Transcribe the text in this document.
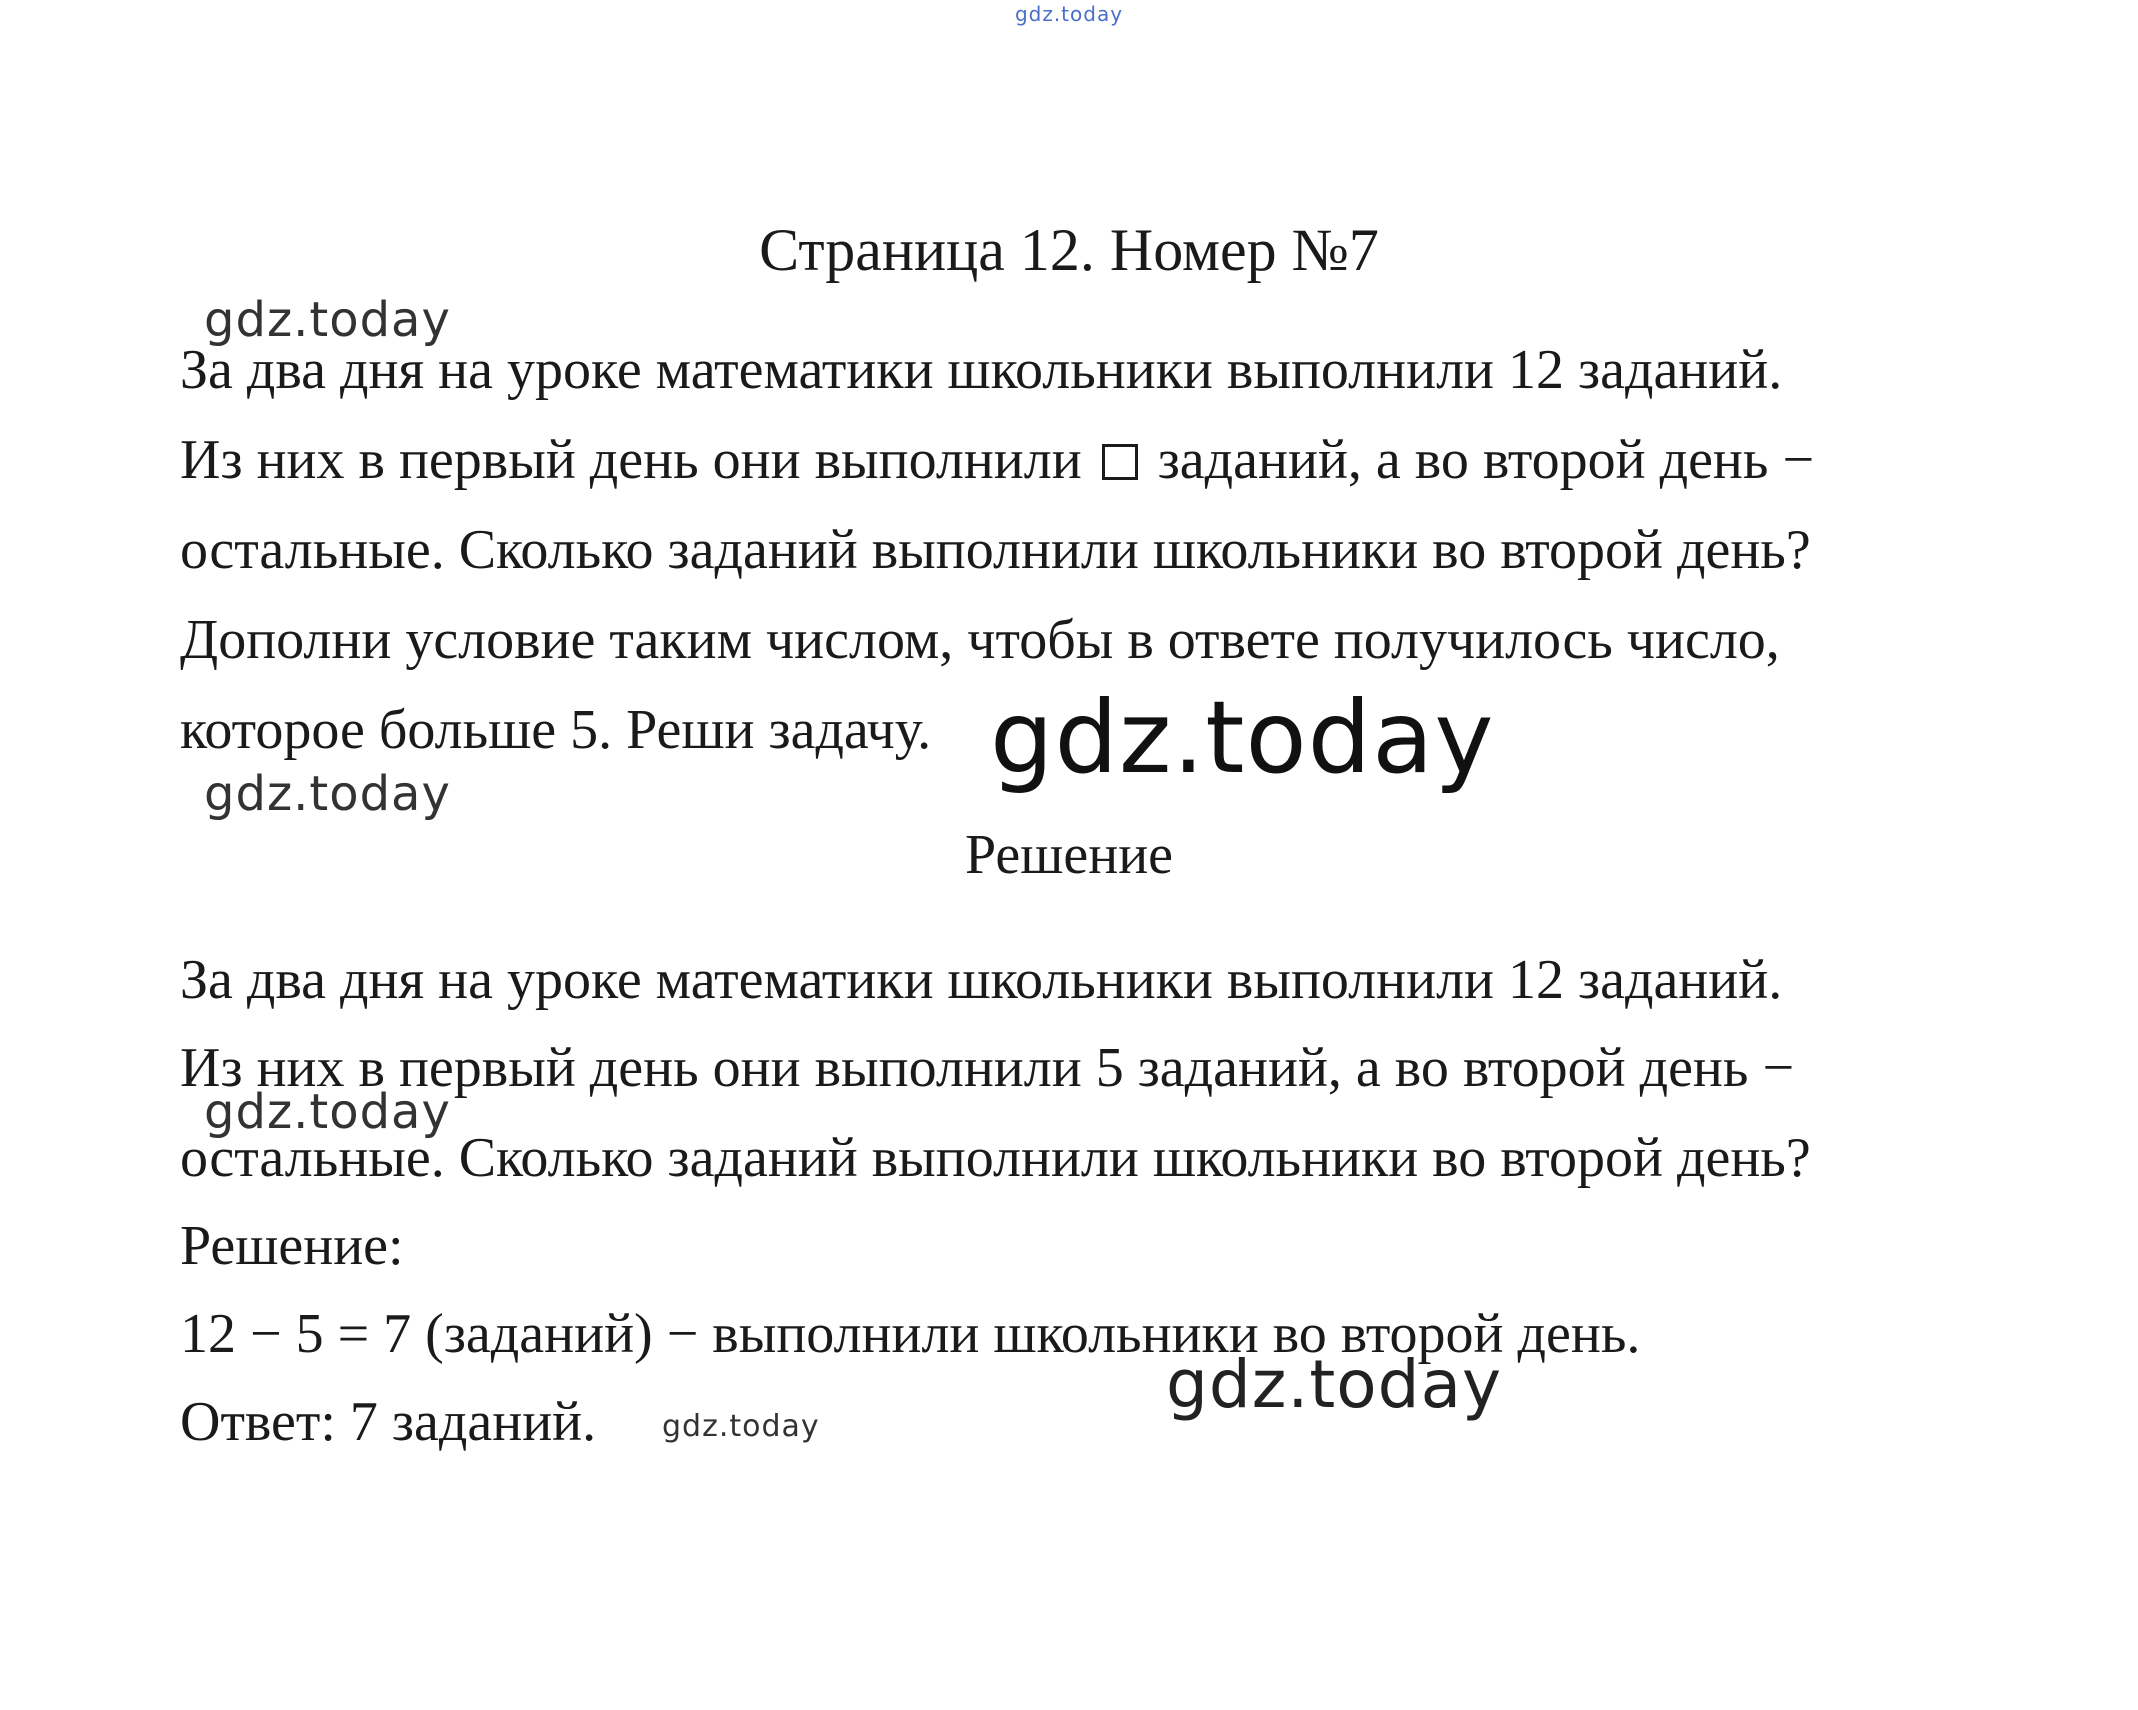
gdz.today
Страница 12. Номер №7
gdz.today
За два дня на уроке математики школьники выполнили 12 заданий.
Из них в первый день они выполнили заданий, а во второй день −
остальные. Сколько заданий выполнили школьники во второй день?
Дополни условие таким числом, чтобы в ответе получилось число,
которое больше 5. Реши задачу. gdz.today
gdz.today
Решение
За два дня на уроке математики школьники выполнили 12 заданий.
Из них в первый день они выполнили 5 заданий, а во второй день −
остальные. Сколько заданий выполнили школьники во второй день?
gdz.today
Решение:
12 − 5 = 7 (заданий) − выполнили школьники во второй день.
Ответ: 7 заданий.	gdz.today
gdz.today
